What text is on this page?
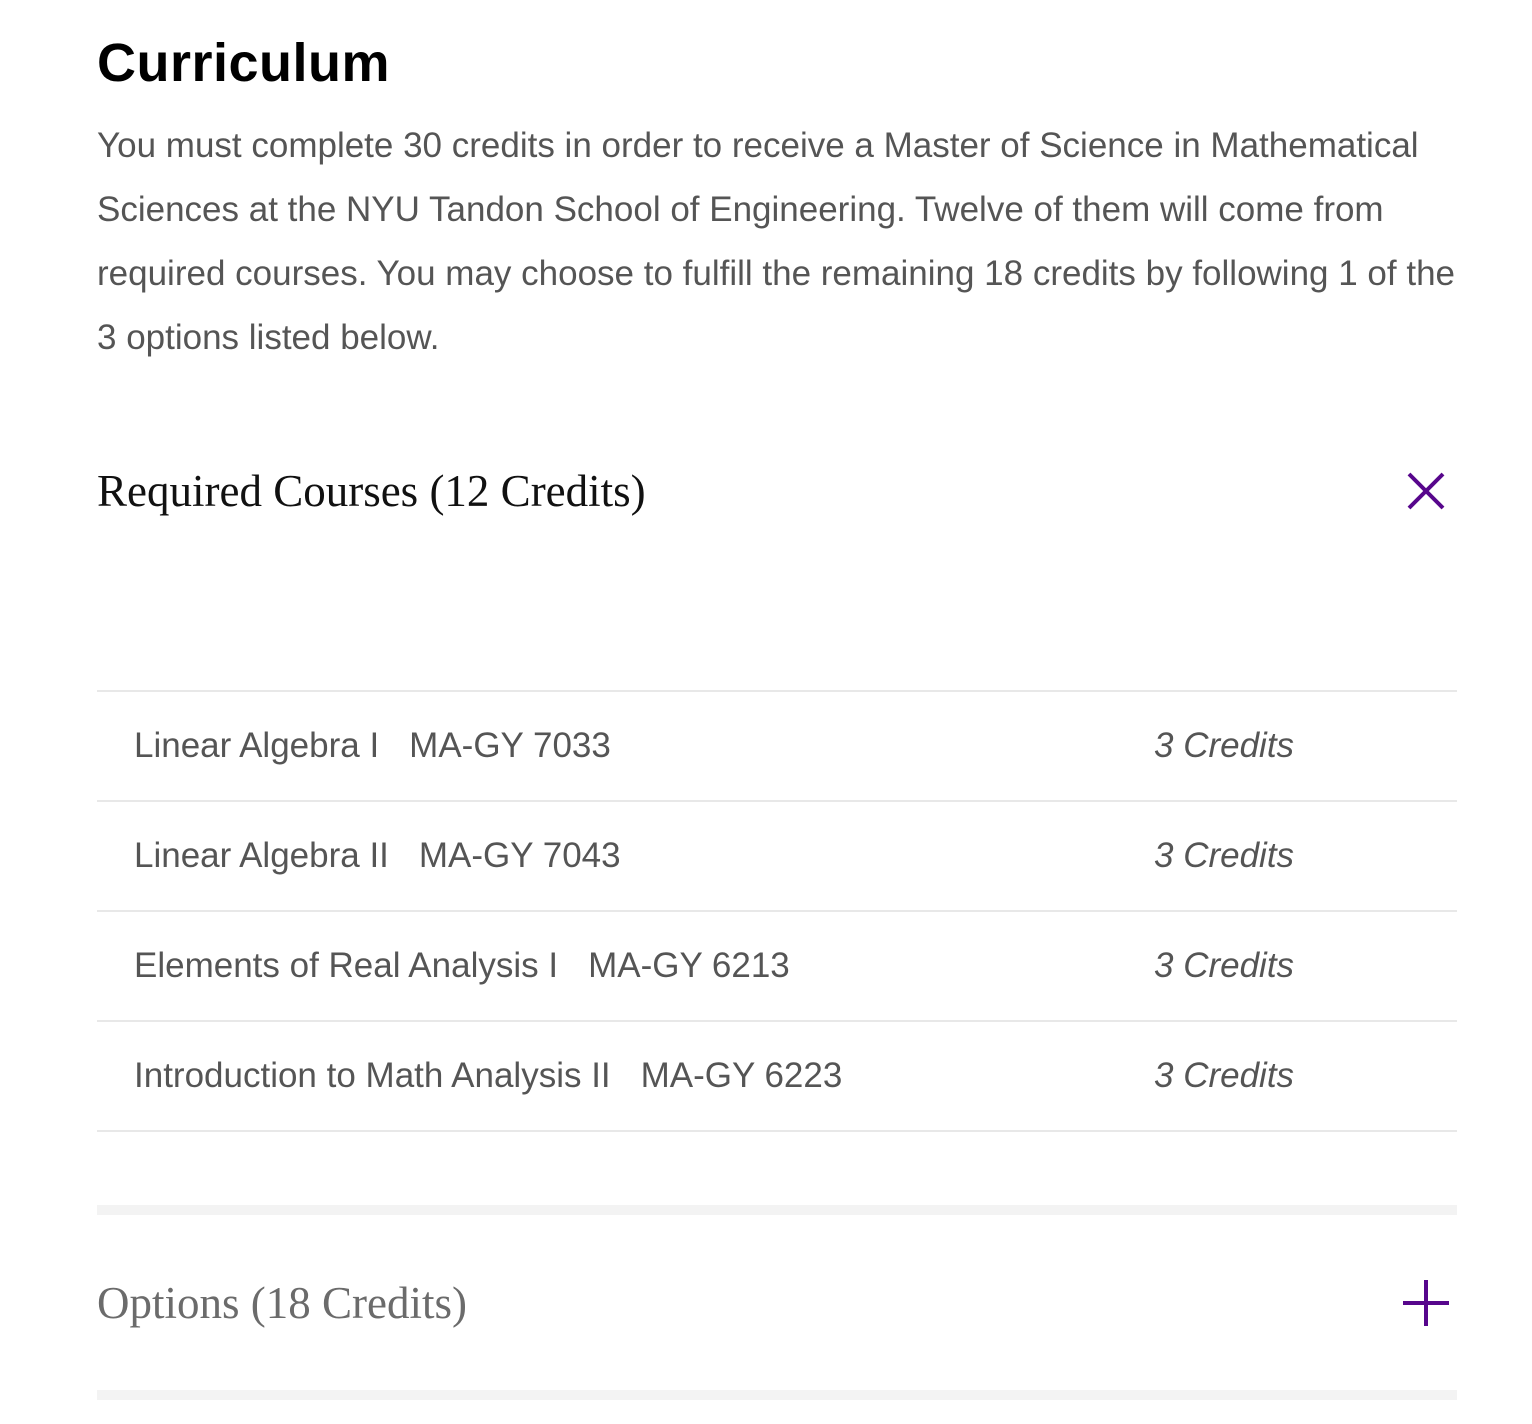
Curriculum

You must complete 30 credits in order to receive a Master of Science in Mathematical Sciences at the NYU Tandon School of Engineering. Twelve of them will come from required courses. You may choose to fulfill the remaining 18 credits by following 1 of the 3 options listed below.

Required Courses (12 Credits)
Linear Algebra I MA-GY 7033	3 Credits
Linear Algebra II MA-GY 7043	3 Credits
Elements of Real Analysis I MA-GY 6213	3 Credits
Introduction to Math Analysis II MA-GY 6223	3 Credits
Options (18 Credits)
